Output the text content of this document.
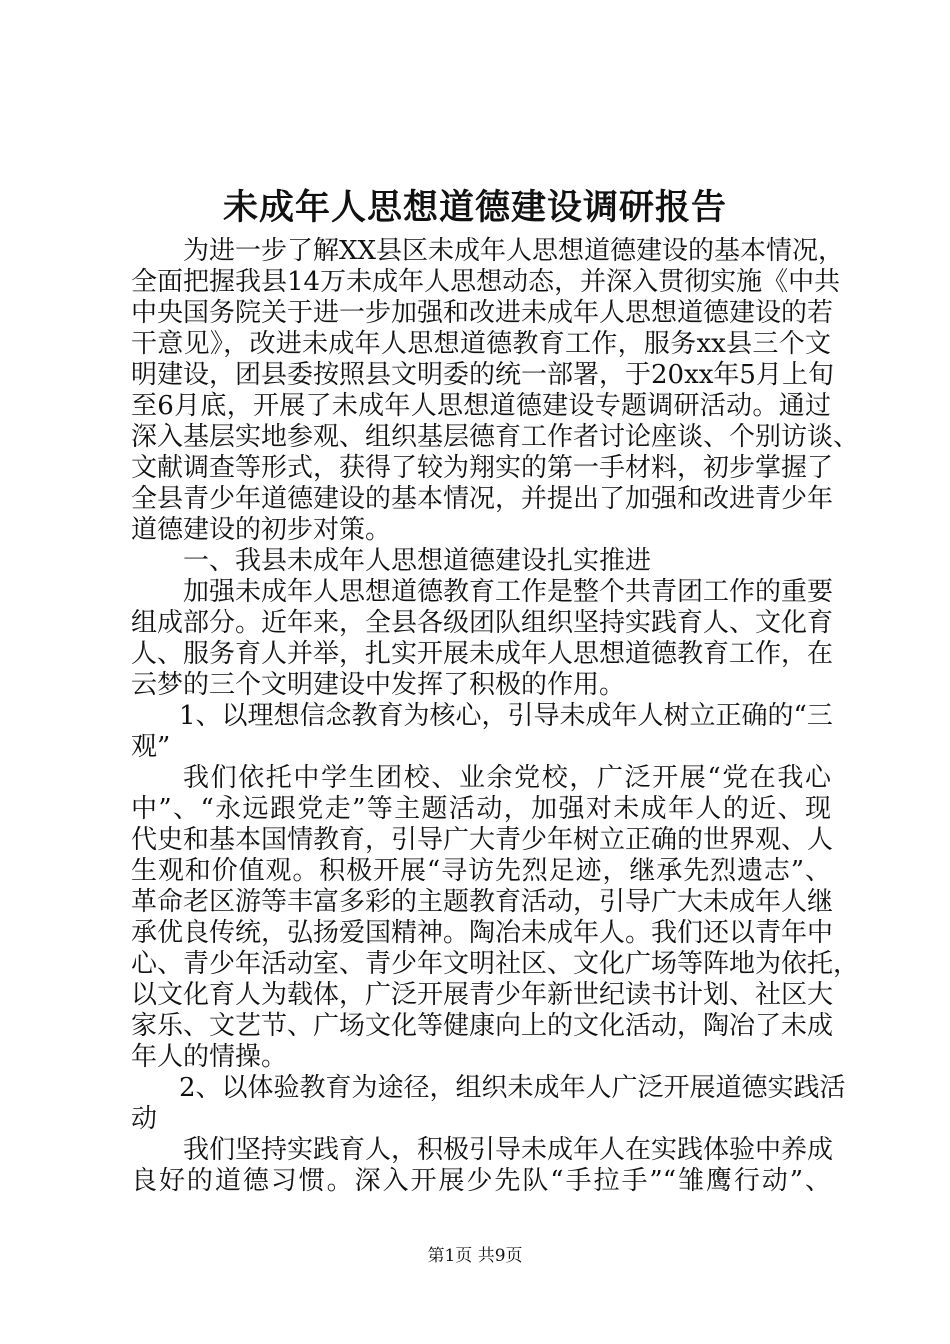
未成年人思想道德建设调研报告
为进一步了解XX县区未成年人思想道德建设的基本情况，
全面把握我县14万未成年人思想动态，并深入贯彻实施《中共
中央国务院关于进一步加强和改进未成年人思想道德建设的若
干意见》，改进未成年人思想道德教育工作，服务xx县三个文
明建设，团县委按照县文明委的统一部署，于20xx年5月上旬
至6月底，开展了未成年人思想道德建设专题调研活动。通过
深入基层实地参观、组织基层德育工作者讨论座谈、个别访谈、
文献调查等形式，获得了较为翔实的第一手材料，初步掌握了
全县青少年道德建设的基本情况，并提出了加强和改进青少年
道德建设的初步对策。
一、我县未成年人思想道德建设扎实推进
加强未成年人思想道德教育工作是整个共青团工作的重要
组成部分。近年来，全县各级团队组织坚持实践育人、文化育
人、服务育人并举，扎实开展未成年人思想道德教育工作，在
云梦的三个文明建设中发挥了积极的作用。
1、以理想信念教育为核心，引导未成年人树立正确的“三
观”
我们依托中学生团校、业余党校，广泛开展“党在我心
中”、“永远跟党走”等主题活动，加强对未成年人的近、现
代史和基本国情教育，引导广大青少年树立正确的世界观、人
生观和价值观。积极开展“寻访先烈足迹，继承先烈遗志”、
革命老区游等丰富多彩的主题教育活动，引导广大未成年人继
承优良传统，弘扬爱国精神。陶冶未成年人。我们还以青年中
心、青少年活动室、青少年文明社区、文化广场等阵地为依托，
以文化育人为载体，广泛开展青少年新世纪读书计划、社区大
家乐、文艺节、广场文化等健康向上的文化活动，陶冶了未成
年人的情操。
2、以体验教育为途径，组织未成年人广泛开展道德实践活
动
我们坚持实践育人，积极引导未成年人在实践体验中养成
良好的道德习惯。深入开展少先队“手拉手”“雏鹰行动”、
第1页 共9页
